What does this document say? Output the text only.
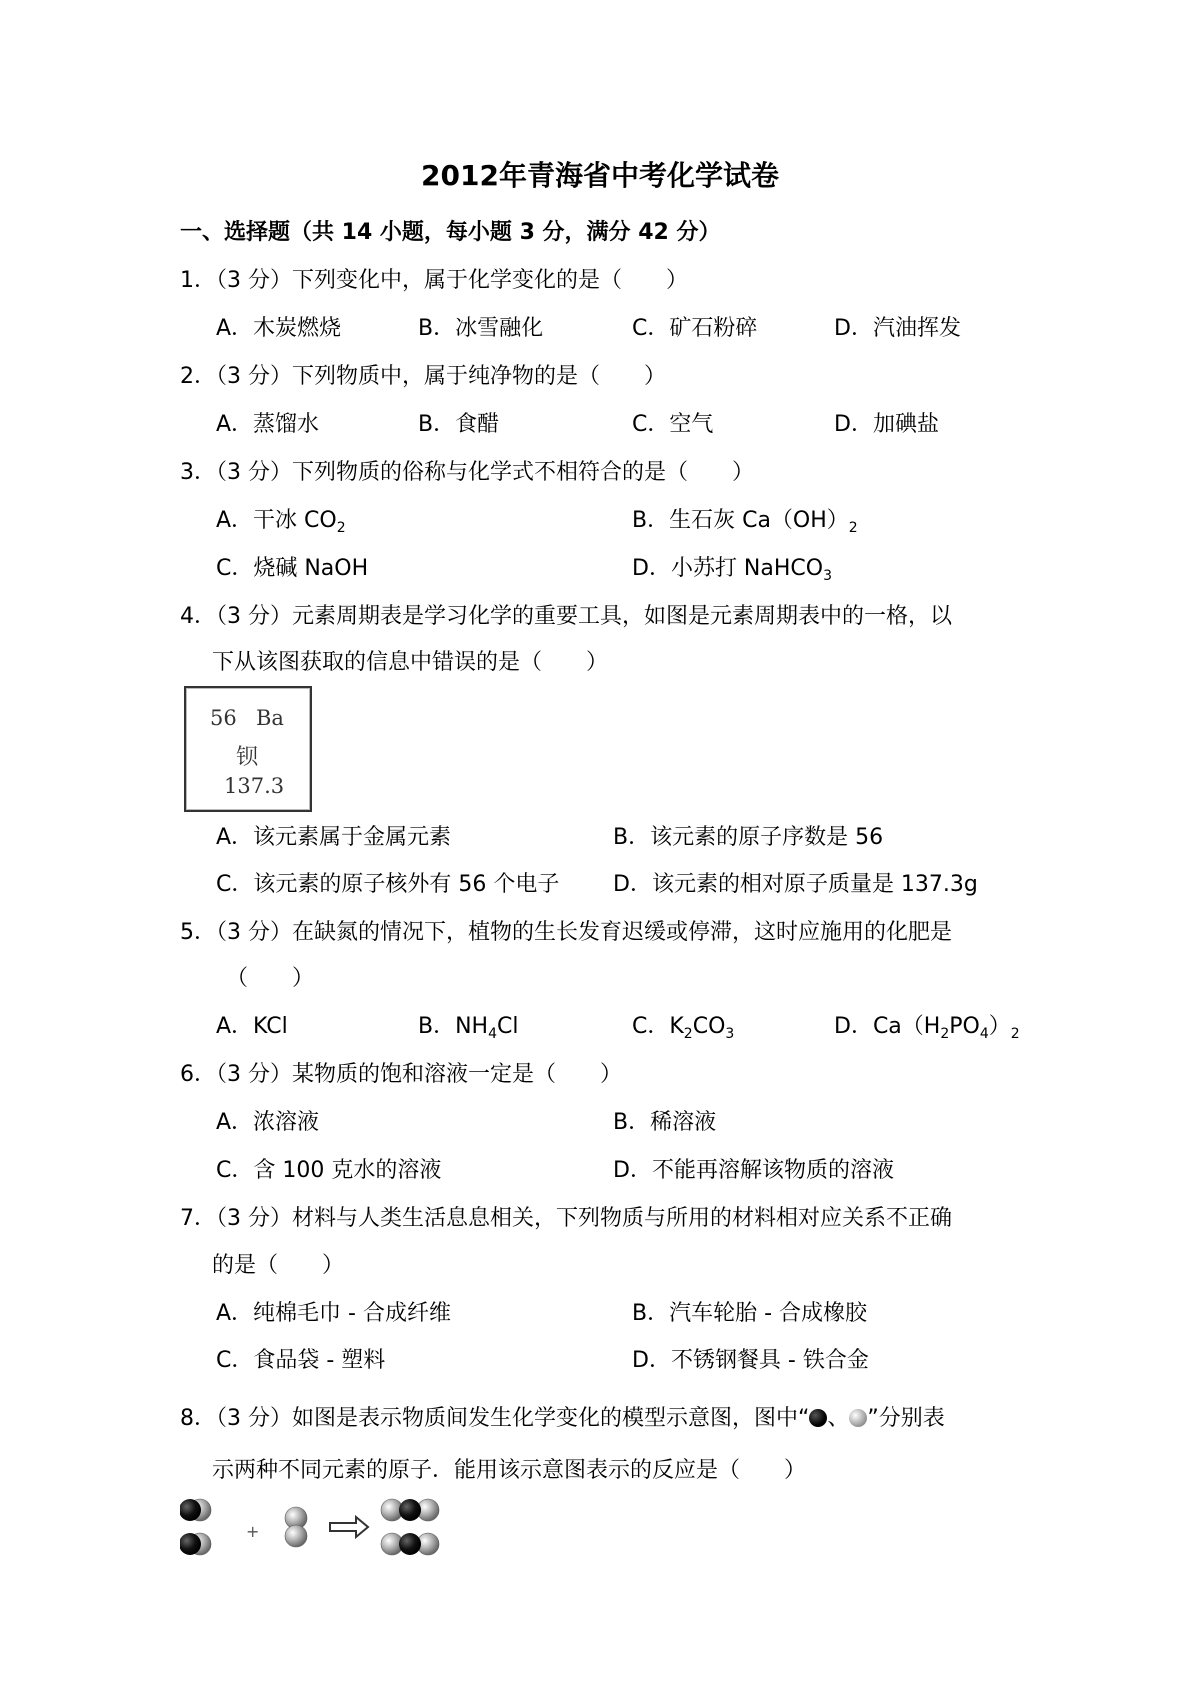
2012年青海省中考化学试卷
一、选择题（共 14 小题，每小题 3 分，满分 42 分）
1．（3 分）下列变化中，属于化学变化的是（　　）
A．木炭燃烧	B．冰雪融化	C．矿石粉碎	D．汽油挥发
2．（3 分）下列物质中，属于纯净物的是（　　）
A．蒸馏水	B．食醋	C．空气	D．加碘盐
3．（3 分）下列物质的俗称与化学式不相符合的是（　　）
A．干冰 $CO_2$	B．生石灰 $Ca(OH)_2$
C．烧碱 NaOH	D．小苏打 NaHCO$_3$
4．（3 分）元素周期表是学习化学的重要工具，如图是元素周期表中的一格，以
下从该图获取的信息中错误的是（　　）
56 Ba
钡
137.3
A．该元素属于金属元素	B．该元素的原子序数是 56
C．该元素的原子核外有 56 个电子 D．该元素的相对原子质量是 137.3g
5．（3 分）在缺氮的情况下，植物的生长发育迟缓或停滞，这时应施用的化肥是
（　　）
A．KCl	B．$NH_4Cl$	C．$K_2CO_3$	D．$Ca(H_2PO_4)_2$
6．（3 分）某物质的饱和溶液一定是（　　）
A．浓溶液	B．稀溶液
C．含 100 克水的溶液	D．不能再溶解该物质的溶液
7．（3 分）材料与人类生活息息相关，下列物质与所用的材料相对应关系不正确
的是（　　）
A．纯棉毛巾 - 合成纤维	B．汽车轮胎 - 合成橡胶
C．食品袋 - 塑料	D．不锈钢餐具 - 铁合金
8．（3 分）如图是表示物质间发生化学变化的模型示意图，图中“ 、 ”分别表
示两种不同元素的原子．能用该示意图表示的反应是（　　）
+
